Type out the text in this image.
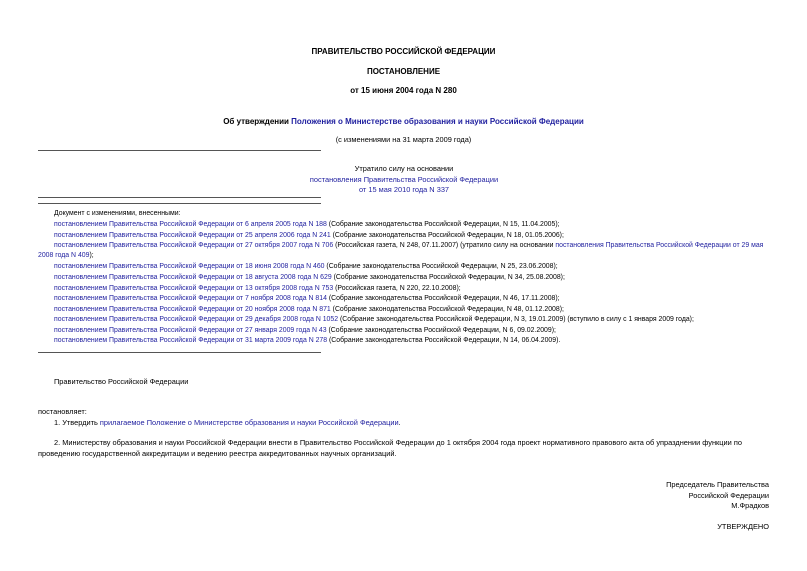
ПРАВИТЕЛЬСТВО РОССИЙСКОЙ ФЕДЕРАЦИИ
ПОСТАНОВЛЕНИЕ
от 15 июня 2004 года N 280
Об утверждении Положения о Министерстве образования и науки Российской Федерации
(с изменениями на 31 марта 2009 года)
Утратило силу на основании
постановления Правительства Российской Федерации
от 15 мая 2010 года N 337
Документ с изменениями, внесенными:
постановлением Правительства Российской Федерации от 6 апреля 2005 года N 188 (Собрание законодательства Российской Федерации, N 15, 11.04.2005);
постановлением Правительства Российской Федерации от 25 апреля 2006 года N 241 (Собрание законодательства Российской Федерации, N 18, 01.05.2006);
постановлением Правительства Российской Федерации от 27 октября 2007 года N 706 (Российская газета, N 248, 07.11.2007) (утратило силу на основании постановления Правительства Российской Федерации от 29 мая 2008 года N 409);
постановлением Правительства Российской Федерации от 18 июня 2008 года N 460 (Собрание законодательства Российской Федерации, N 25, 23.06.2008);
постановлением Правительства Российской Федерации от 18 августа 2008 года N 629 (Собрание законодательства Российской Федерации, N 34, 25.08.2008);
постановлением Правительства Российской Федерации от 13 октября 2008 года N 753 (Российская газета, N 220, 22.10.2008);
постановлением Правительства Российской Федерации от 7 ноября 2008 года N 814 (Собрание законодательства Российской Федерации, N 46, 17.11.2008);
постановлением Правительства Российской Федерации от 20 ноября 2008 года N 871 (Собрание законодательства Российской Федерации, N 48, 01.12.2008);
постановлением Правительства Российской Федерации от 29 декабря 2008 года N 1052 (Собрание законодательства Российской Федерации, N 3, 19.01.2009) (вступило в силу с 1 января 2009 года);
постановлением Правительства Российской Федерации от 27 января 2009 года N 43 (Собрание законодательства Российской Федерации, N 6, 09.02.2009);
постановлением Правительства Российской Федерации от 31 марта 2009 года N 278 (Собрание законодательства Российской Федерации, N 14, 06.04.2009).
Правительство Российской Федерации
постановляет:
1. Утвердить прилагаемое Положение о Министерстве образования и науки Российской Федерации.
2. Министерству образования и науки Российской Федерации внести в Правительство Российской Федерации до 1 октября 2004 года проект нормативного правового акта об упразднении функции по проведению государственной аккредитации и ведению реестра аккредитованных научных организаций.
Председатель Правительства
Российской Федерации
М.Фрадков
УТВЕРЖДЕНО
